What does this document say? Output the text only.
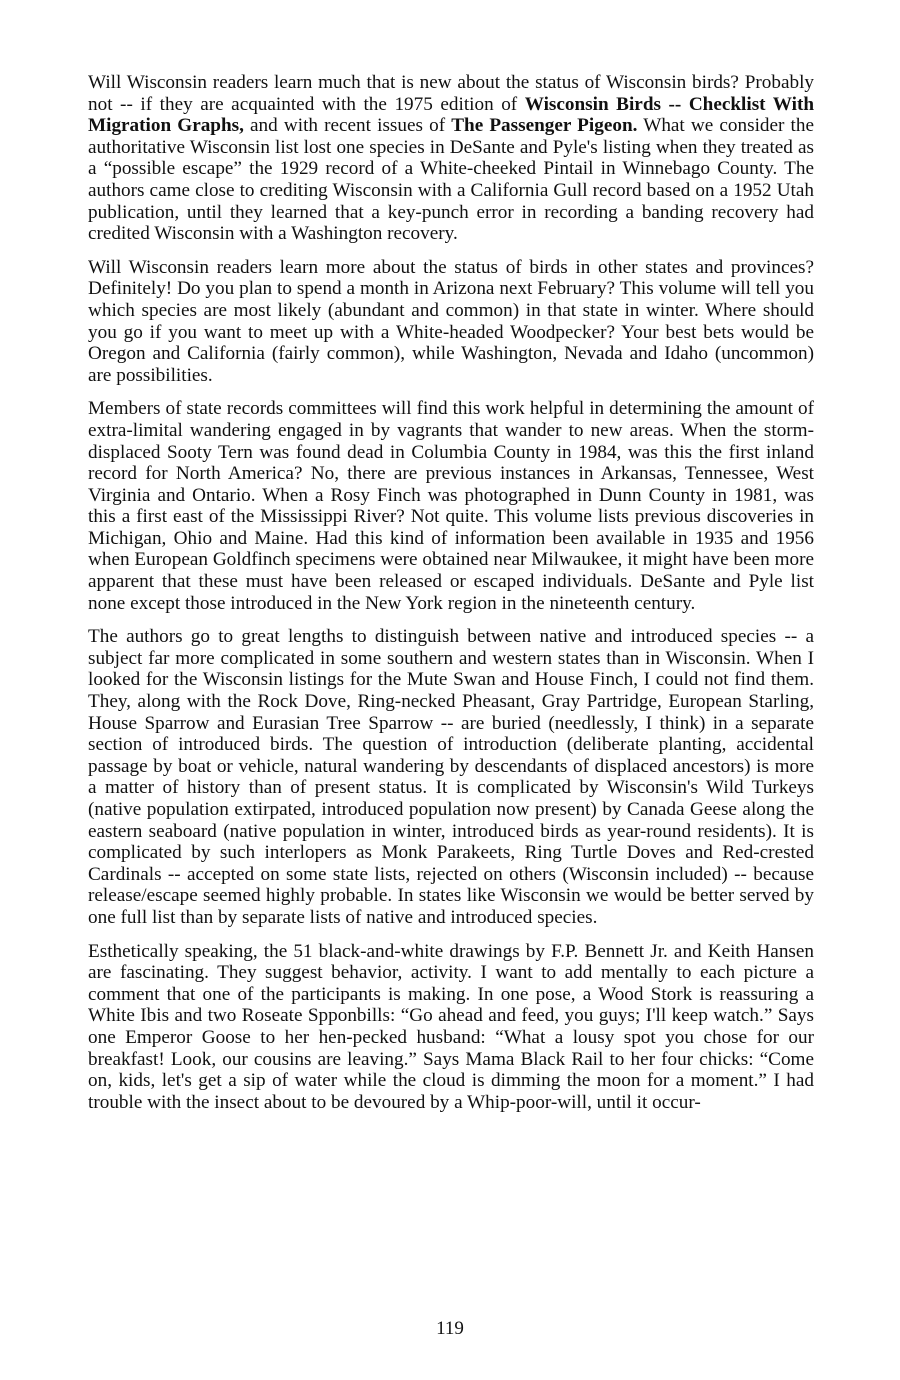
Will Wisconsin readers learn much that is new about the status of Wisconsin birds? Probably not -- if they are acquainted with the 1975 edition of Wisconsin Birds -- Checklist With Migration Graphs, and with recent issues of The Passenger Pigeon. What we consider the authoritative Wisconsin list lost one species in DeSante and Pyle's listing when they treated as a “possible escape” the 1929 record of a White-cheeked Pintail in Winnebago County. The authors came close to crediting Wisconsin with a California Gull record based on a 1952 Utah publication, until they learned that a key-punch error in recording a banding recovery had credited Wisconsin with a Washington recovery.

Will Wisconsin readers learn more about the status of birds in other states and provinces? Definitely! Do you plan to spend a month in Arizona next February? This volume will tell you which species are most likely (abundant and common) in that state in winter. Where should you go if you want to meet up with a White-headed Woodpecker? Your best bets would be Oregon and California (fairly common), while Washington, Nevada and Idaho (uncommon) are possibilities.

Members of state records committees will find this work helpful in determining the amount of extra-limital wandering engaged in by vagrants that wander to new areas. When the storm-displaced Sooty Tern was found dead in Columbia County in 1984, was this the first inland record for North America? No, there are previous instances in Arkansas, Tennessee, West Virginia and Ontario. When a Rosy Finch was photographed in Dunn County in 1981, was this a first east of the Mississippi River? Not quite. This volume lists previous discoveries in Michigan, Ohio and Maine. Had this kind of information been available in 1935 and 1956 when European Goldfinch specimens were obtained near Milwaukee, it might have been more apparent that these must have been released or escaped individuals. DeSante and Pyle list none except those introduced in the New York region in the nineteenth century.

The authors go to great lengths to distinguish between native and introduced species -- a subject far more complicated in some southern and western states than in Wisconsin. When I looked for the Wisconsin listings for the Mute Swan and House Finch, I could not find them. They, along with the Rock Dove, Ring-necked Pheasant, Gray Partridge, European Starling, House Sparrow and Eurasian Tree Sparrow -- are buried (needlessly, I think) in a separate section of introduced birds. The question of introduction (deliberate planting, accidental passage by boat or vehicle, natural wandering by descendants of displaced ancestors) is more a matter of history than of present status. It is complicated by Wisconsin's Wild Turkeys (native population extirpated, introduced population now present) by Canada Geese along the eastern seaboard (native population in winter, introduced birds as year-round residents). It is complicated by such interlopers as Monk Parakeets, Ring Turtle Doves and Red-crested Cardinals -- accepted on some state lists, rejected on others (Wisconsin included) -- because release/escape seemed highly probable. In states like Wisconsin we would be better served by one full list than by separate lists of native and introduced species.

Esthetically speaking, the 51 black-and-white drawings by F.P. Bennett Jr. and Keith Hansen are fascinating. They suggest behavior, activity. I want to add mentally to each picture a comment that one of the participants is making. In one pose, a Wood Stork is reassuring a White Ibis and two Roseate Spponbills: “Go ahead and feed, you guys; I'll keep watch.” Says one Emperor Goose to her hen-pecked husband: “What a lousy spot you chose for our breakfast! Look, our cousins are leaving.” Says Mama Black Rail to her four chicks: “Come on, kids, let's get a sip of water while the cloud is dimming the moon for a moment.” I had trouble with the insect about to be devoured by a Whip-poor-will, until it occur-

119
